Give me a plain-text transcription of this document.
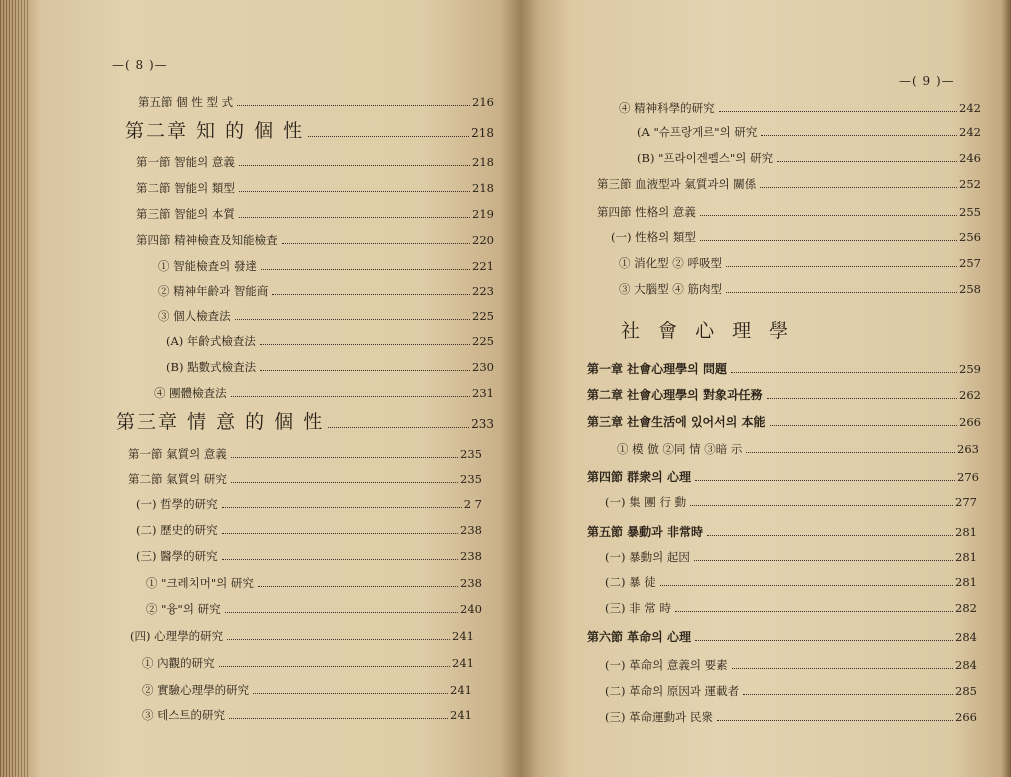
—( 8 )—
第五節 個 性 型 式	216
第二章 知 的 個 性	218
第一節 智能의 意義	218
第二節 智能의 類型	218
第三節 智能의 本質	219
第四節 精神檢査及知能檢査	220
① 智能檢査의 發達	221
② 精神年齡과 智能商	223
③ 個人檢査法	225
(A) 年齡式檢査法	225
(B) 點數式檢査法	230
④ 團體檢査法	231
第三章 情 意 的 個 性	233
第一節 氣質의 意義	235
第二節 氣質의 研究	235
(一) 哲學的研究	2 7
(二) 歷史的研究	238
(三) 醫學的研究	238
① "크레치머"의 研究	238
② "융"의 研究	240
(四) 心理學的研究	241
① 內觀的研究	241
② 實驗心理學的研究	241
③ 테스트的研究	241
—( 9 )—
④ 精神科學的研究	242
(A "슈프랑게르"의 研究	242
(B) "프라이겐펠스"의 研究	246
第三節 血液型과 氣質과의 關係	252
第四節 性格의 意義	255
(一) 性格의 類型	256
① 消化型 ② 呼吸型	257
③ 大腦型 ④ 筋肉型	258
社 會 心 理 學
第一章 社會心理學의 問題	259
第二章 社會心理學의 對象과任務	262
第三章 社會生活에 있어서의 本能	266
① 模 倣 ②同 情 ③暗 示	263
第四節 群衆의 心理	276
(一) 集 團 行 動	277
第五節 暴動과 非常時	281
(一) 暴動의 起因	281
(二) 暴 徒	281
(三) 非 常 時	282
第六節 革命의 心理	284
(一) 革命의 意義의 要素	284
(二) 革命의 原因과 運載者	285
(三) 革命運動과 民衆	266
